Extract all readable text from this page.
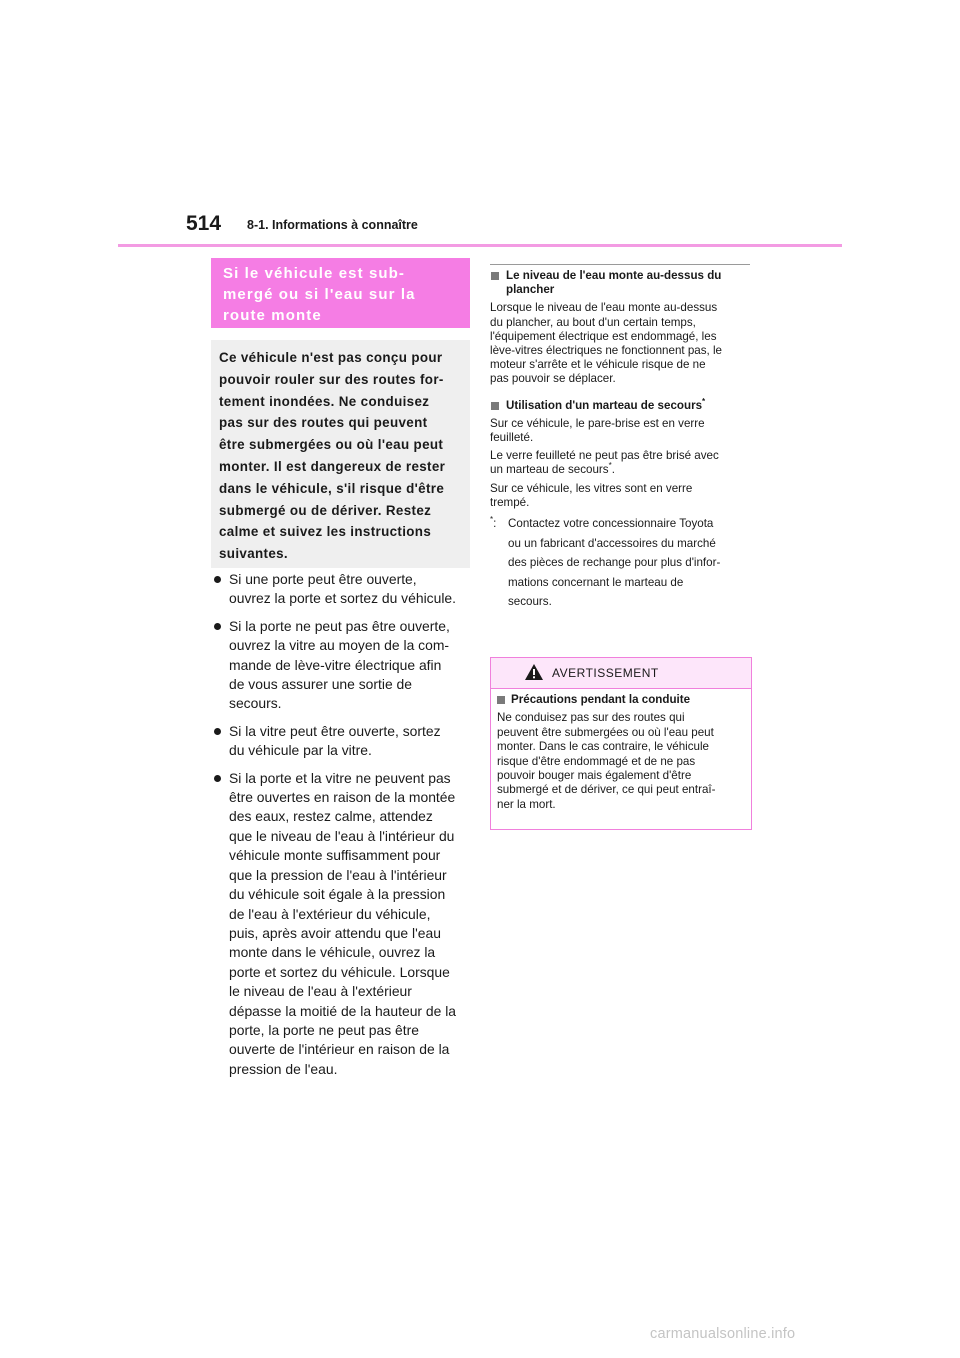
514 8-1. Informations à connaître
Si le véhicule est sub-
mergé ou si l'eau sur la
route monte
Ce véhicule n'est pas conçu pour
pouvoir rouler sur des routes for-
tement inondées. Ne conduisez
pas sur des routes qui peuvent
être submergées ou où l'eau peut
monter. Il est dangereux de rester
dans le véhicule, s'il risque d'être
submergé ou de dériver. Restez
calme et suivez les instructions
suivantes.
Si une porte peut être ouverte,
ouvrez la porte et sortez du véhicule.
Si la porte ne peut pas être ouverte,
ouvrez la vitre au moyen de la com-
mande de lève-vitre électrique afin
de vous assurer une sortie de
secours.
Si la vitre peut être ouverte, sortez
du véhicule par la vitre.
Si la porte et la vitre ne peuvent pas
être ouvertes en raison de la montée
des eaux, restez calme, attendez
que le niveau de l'eau à l'intérieur du
véhicule monte suffisamment pour
que la pression de l'eau à l'intérieur
du véhicule soit égale à la pression
de l'eau à l'extérieur du véhicule,
puis, après avoir attendu que l'eau
monte dans le véhicule, ouvrez la
porte et sortez du véhicule. Lorsque
le niveau de l'eau à l'extérieur
dépasse la moitié de la hauteur de la
porte, la porte ne peut pas être
ouverte de l'intérieur en raison de la
pression de l'eau.
Le niveau de l'eau monte au-dessus du
plancher
Lorsque le niveau de l'eau monte au-dessus
du plancher, au bout d'un certain temps,
l'équipement électrique est endommagé, les
lève-vitres électriques ne fonctionnent pas, le
moteur s'arrête et le véhicule risque de ne
pas pouvoir se déplacer.
Utilisation d'un marteau de secours*
Sur ce véhicule, le pare-brise est en verre
feuilleté.
Le verre feuilleté ne peut pas être brisé avec
un marteau de secours*.
Sur ce véhicule, les vitres sont en verre
trempé.
*: Contactez votre concessionnaire Toyota
ou un fabricant d'accessoires du marché
des pièces de rechange pour plus d'infor-
mations concernant le marteau de
secours.
AVERTISSEMENT
Précautions pendant la conduite
Ne conduisez pas sur des routes qui
peuvent être submergées ou où l'eau peut
monter. Dans le cas contraire, le véhicule
risque d'être endommagé et de ne pas
pouvoir bouger mais également d'être
submergé et de dériver, ce qui peut entraî-
ner la mort.
carmanualsonline.info
